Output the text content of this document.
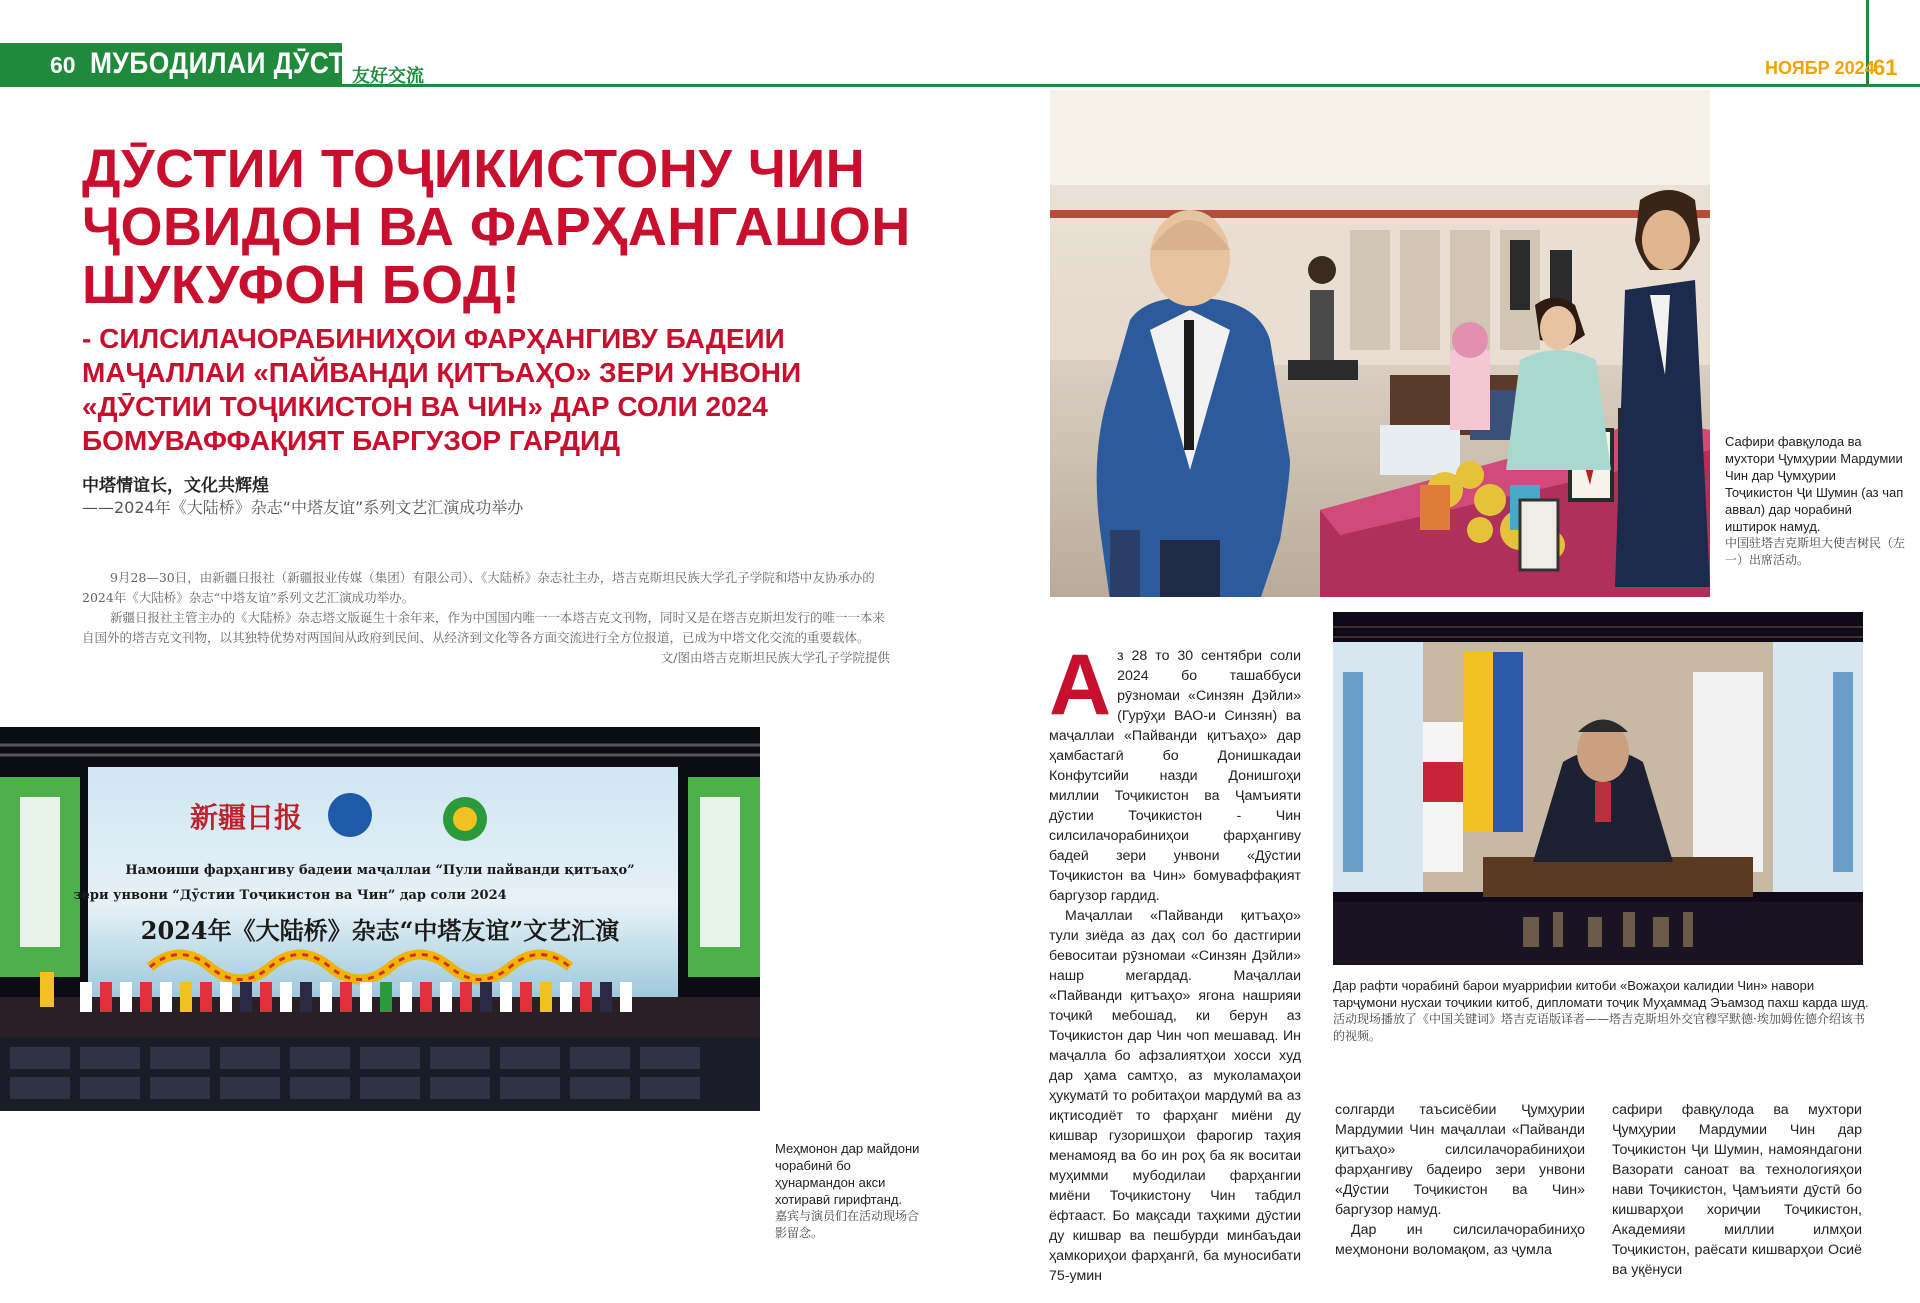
60 МУБОДИЛАИ ДӮСТӢ
友好交流	НОЯБР 2024
61
ДӮСТИИ ТОҶИКИСТОНУ ЧИН ҶОВИДОН ВА ФАРҲАНГАШОН ШУКУФОН БОД!
- СИЛСИЛАЧОРАБИНИҲОИ ФАРҲАНГИВУ БАДЕИИ МАҶАЛЛАИ «ПАЙВАНДИ ҚИТЪАҲО» ЗЕРИ УНВОНИ «ДӮСТИИ ТОҶИКИСТОН ВА ЧИН» ДАР СОЛИ 2024 БОМУВАФФАҚИЯТ БАРГУЗОР ГАРДИД
中塔情谊长，文化共辉煌
——2024年《大陆桥》杂志“中塔友谊”系列文艺汇演成功举办

9月28—30日，由新疆日报社（新疆报业传媒（集团）有限公司）、《大陆桥》杂志社主办，塔吉克斯坦民族大学孔子学院和塔中友协承办的2024年《大陆桥》杂志“中塔友谊”系列文艺汇演成功举办。

新疆日报社主管主办的《大陆桥》杂志塔文版诞生十余年来，作为中国国内唯一一本塔吉克文刊物，同时又是在塔吉克斯坦发行的唯一一本来自国外的塔吉克文刊物，以其独特优势对两国间从政府到民间、从经济到文化等各方面交流进行全方位报道，已成为中塔文化交流的重要载体。
文/图由塔吉克斯坦民族大学孔子学院提供

新疆日报
Намоиши фарҳангиву бадеии маҷаллаи “Пули пайванди қитъаҳо”
зери унвони “Дӯстии Тоҷикистон ва Чин” дар соли 2024
2024年《大陆桥》杂志“中塔友谊”文艺汇演
Сафири фавқулода ва мухтори Ҷумҳурии Мардумии Чин дар Ҷумҳурии Тоҷикистон Ҷи Шумин (аз чап аввал) дар чорабинӣ иштирок намуд.
中国驻塔吉克斯坦大使吉树民（左一）出席活动。
Дар рафти чорабинӣ барои муаррифии китоби «Вожаҳои калидии Чин» навори тарҷумони нусхаи тоҷикии китоб, дипломати тоҷик Муҳаммад Эъамзод пахш карда шуд.
活动现场播放了《中国关键词》塔吉克语版译者——塔吉克斯坦外交官穆罕默德·埃加姆佐德介绍该书的视频。
Меҳмонон дар майдони чорабинӣ бо ҳунармандон акси хотиравӣ гирифтанд.
嘉宾与演员们在活动现场合影留念。

Аз 28 то 30 сентябри соли 2024 бо ташаббуси рӯзномаи «Синзян Дэйли» (Гурӯҳи ВАО-и Синзян) ва маҷаллаи «Пайванди қитъаҳо» дар ҳамбастагӣ бо Донишкадаи Конфутсийи назди Донишгоҳи миллии Тоҷикистон ва Ҷамъияти дӯстии Тоҷикистон - Чин силсилачорабиниҳои фарҳангиву бадеӣ зери унвони «Дӯстии Тоҷикистон ва Чин» бомуваффақият баргузор гардид.

Маҷаллаи «Пайванди қитъаҳо» тули зиёда аз даҳ сол бо дастгирии бевоситаи рӯзномаи «Синзян Дэйли» нашр мегардад. Маҷаллаи «Пайванди қитъаҳо» ягона нашрияи тоҷикӣ мебошад, ки берун аз Тоҷикистон дар Чин чоп мешавад. Ин маҷалла бо афзалиятҳои хосси худ дар ҳама самтҳо, аз муколамаҳои ҳукуматӣ то робитаҳои мардумӣ ва аз иқтисодиёт то фарҳанг миёни ду кишвар гузоришҳои фарогир таҳия менамояд ва бо ин роҳ ба як воситаи муҳимми мубодилаи фарҳангии миёни Тоҷикистону Чин табдил ёфтааст. Бо мақсади таҳкими дӯстии ду кишвар ва пешбурди минбаъдаи ҳамкориҳои фарҳангӣ, ба муносибати 75-умин

солгарди таъсисёбии Ҷумҳурии Мардумии Чин маҷаллаи «Пайванди қитъаҳо» силсилачорабиниҳои фарҳангиву бадеиро зери унвони «Дӯстии Тоҷикистон ва Чин» баргузор намуд.

Дар ин силсилачорабиниҳо меҳмонони воломақом, аз ҷумла

сафири фавқулода ва мухтори Ҷумҳурии Мардумии Чин дар Тоҷикистон Ҷи Шумин, намояндагони Вазорати саноат ва технологияҳои нави Тоҷикистон, Ҷамъияти дӯстӣ бо кишварҳои хориҷии Тоҷикистон, Академияи миллии илмҳои Тоҷикистон, раёсати кишварҳои Осиё ва уқёнуси
